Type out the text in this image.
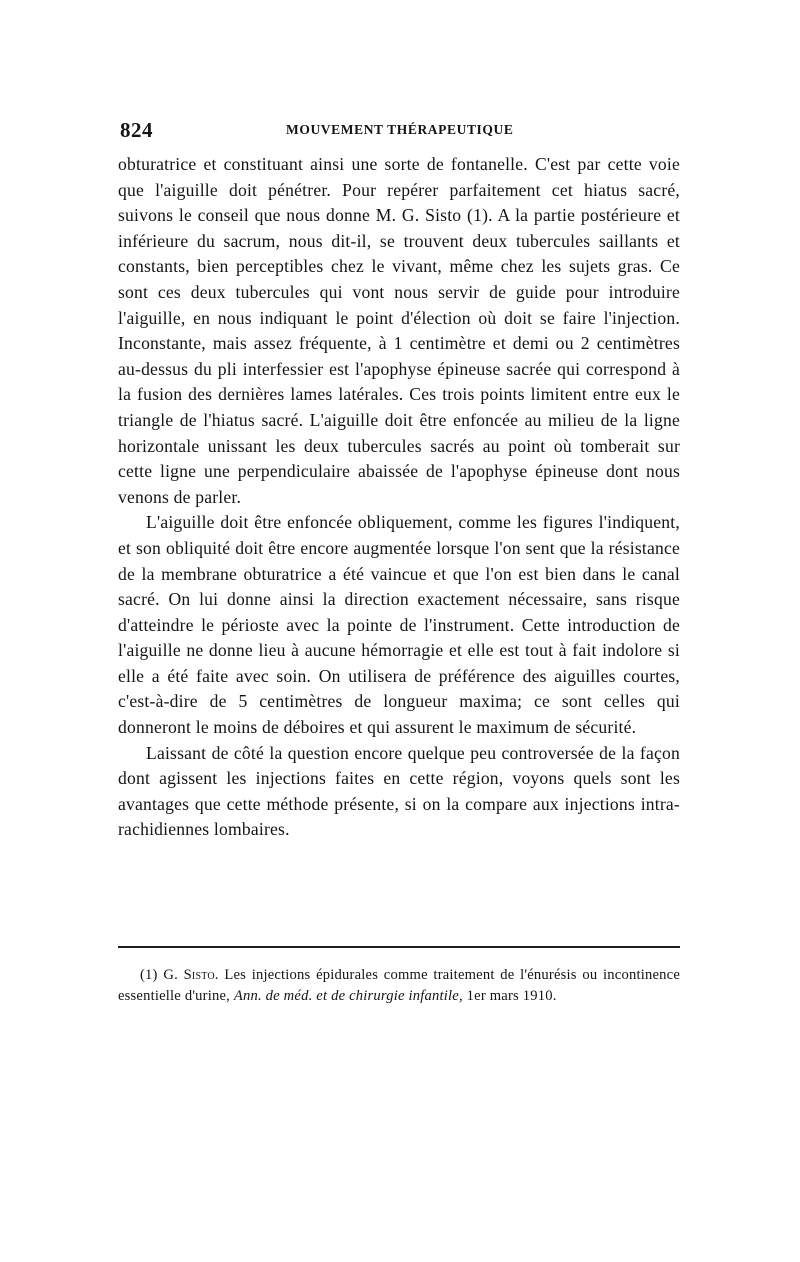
824	MOUVEMENT THÉRAPEUTIQUE

obturatrice et constituant ainsi une sorte de fontanelle. C'est par cette voie que l'aiguille doit pénétrer. Pour repérer parfaitement cet hiatus sacré, suivons le conseil que nous donne M. G. Sisto (1). A la partie postérieure et inférieure du sacrum, nous dit-il, se trouvent deux tubercules saillants et constants, bien perceptibles chez le vivant, même chez les sujets gras. Ce sont ces deux tubercules qui vont nous servir de guide pour introduire l'aiguille, en nous indiquant le point d'élection où doit se faire l'injection. Inconstante, mais assez fréquente, à 1 centimètre et demi ou 2 centimètres au-dessus du pli interfessier est l'apophyse épineuse sacrée qui correspond à la fusion des dernières lames latérales. Ces trois points limitent entre eux le triangle de l'hiatus sacré. L'aiguille doit être enfoncée au milieu de la ligne horizontale unissant les deux tubercules sacrés au point où tomberait sur cette ligne une perpendiculaire abaissée de l'apophyse épineuse dont nous venons de parler.

L'aiguille doit être enfoncée obliquement, comme les figures l'indiquent, et son obliquité doit être encore augmentée lorsque l'on sent que la résistance de la membrane obturatrice a été vaincue et que l'on est bien dans le canal sacré. On lui donne ainsi la direction exactement nécessaire, sans risque d'atteindre le périoste avec la pointe de l'instrument. Cette introduction de l'aiguille ne donne lieu à aucune hémorragie et elle est tout à fait indolore si elle a été faite avec soin. On utilisera de préférence des aiguilles courtes, c'est-à-dire de 5 centimètres de longueur maxima; ce sont celles qui donneront le moins de déboires et qui assurent le maximum de sécurité.

Laissant de côté la question encore quelque peu controversée de la façon dont agissent les injections faites en cette région, voyons quels sont les avantages que cette méthode présente, si on la compare aux injections intra-rachidiennes lombaires.

(1) G. Sisto. Les injections épidurales comme traitement de l'énurésis ou incontinence essentielle d'urine, Ann. de méd. et de chirurgie infantile, 1er mars 1910.
